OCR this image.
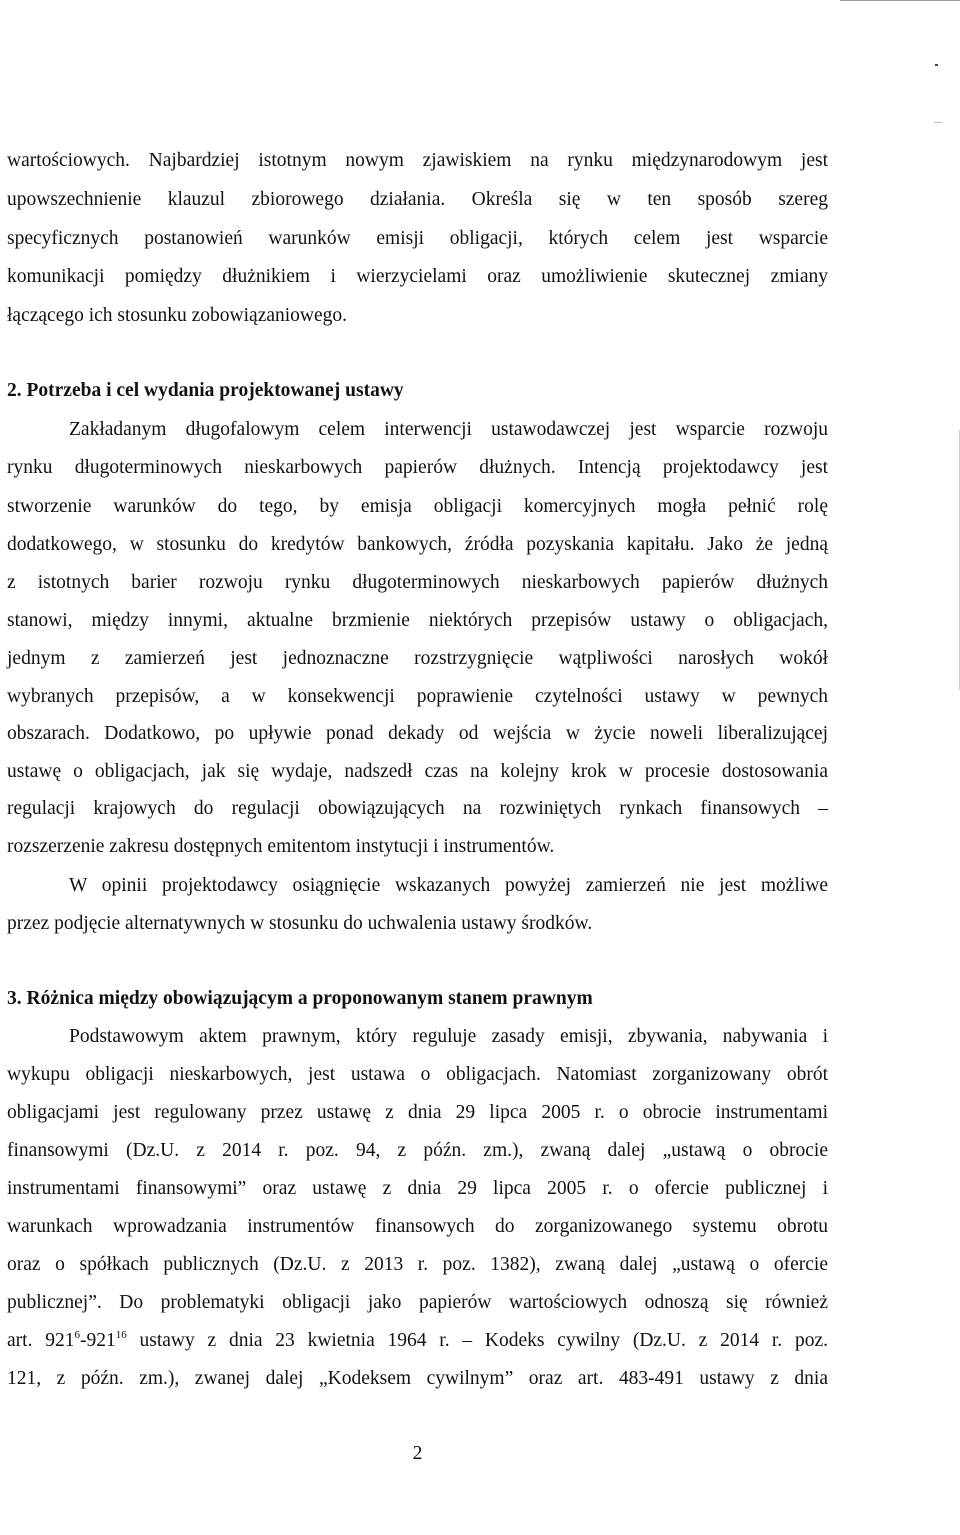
wartościowych. Najbardziej istotnym nowym zjawiskiem na rynku międzynarodowym jest
upowszechnienie klauzul zbiorowego działania. Określa się w ten sposób szereg
specyficznych postanowień warunków emisji obligacji, których celem jest wsparcie
komunikacji pomiędzy dłużnikiem i wierzycielami oraz umożliwienie skutecznej zmiany
łączącego ich stosunku zobowiązaniowego.
2. Potrzeba i cel wydania projektowanej ustawy
Zakładanym długofalowym celem interwencji ustawodawczej jest wsparcie rozwoju
rynku długoterminowych nieskarbowych papierów dłużnych. Intencją projektodawcy jest
stworzenie warunków do tego, by emisja obligacji komercyjnych mogła pełnić rolę
dodatkowego, w stosunku do kredytów bankowych, źródła pozyskania kapitału. Jako że jedną
z istotnych barier rozwoju rynku długoterminowych nieskarbowych papierów dłużnych
stanowi, między innymi, aktualne brzmienie niektórych przepisów ustawy o obligacjach,
jednym z zamierzeń jest jednoznaczne rozstrzygnięcie wątpliwości narosłych wokół
wybranych przepisów, a w konsekwencji poprawienie czytelności ustawy w pewnych
obszarach. Dodatkowo, po upływie ponad dekady od wejścia w życie noweli liberalizującej
ustawę o obligacjach, jak się wydaje, nadszedł czas na kolejny krok w procesie dostosowania
regulacji krajowych do regulacji obowiązujących na rozwiniętych rynkach finansowych –
rozszerzenie zakresu dostępnych emitentom instytucji i instrumentów.
W opinii projektodawcy osiągnięcie wskazanych powyżej zamierzeń nie jest możliwe
przez podjęcie alternatywnych w stosunku do uchwalenia ustawy środków.
3. Różnica między obowiązującym a proponowanym stanem prawnym
Podstawowym aktem prawnym, który reguluje zasady emisji, zbywania, nabywania i
wykupu obligacji nieskarbowych, jest ustawa o obligacjach. Natomiast zorganizowany obrót
obligacjami jest regulowany przez ustawę z dnia 29 lipca 2005 r. o obrocie instrumentami
finansowymi (Dz.U. z 2014 r. poz. 94, z późn. zm.), zwaną dalej „ustawą o obrocie
instrumentami finansowymi” oraz ustawę z dnia 29 lipca 2005 r. o ofercie publicznej i
warunkach wprowadzania instrumentów finansowych do zorganizowanego systemu obrotu
oraz o spółkach publicznych (Dz.U. z 2013 r. poz. 1382), zwaną dalej „ustawą o ofercie
publicznej”. Do problematyki obligacji jako papierów wartościowych odnoszą się również
art. $921^6-921^{16}$ ustawy z dnia 23 kwietnia 1964 r. – Kodeks cywilny (Dz.U. z 2014 r. poz.
121, z późn. zm.), zwanej dalej „Kodeksem cywilnym” oraz art. 483-491 ustawy z dnia
2
